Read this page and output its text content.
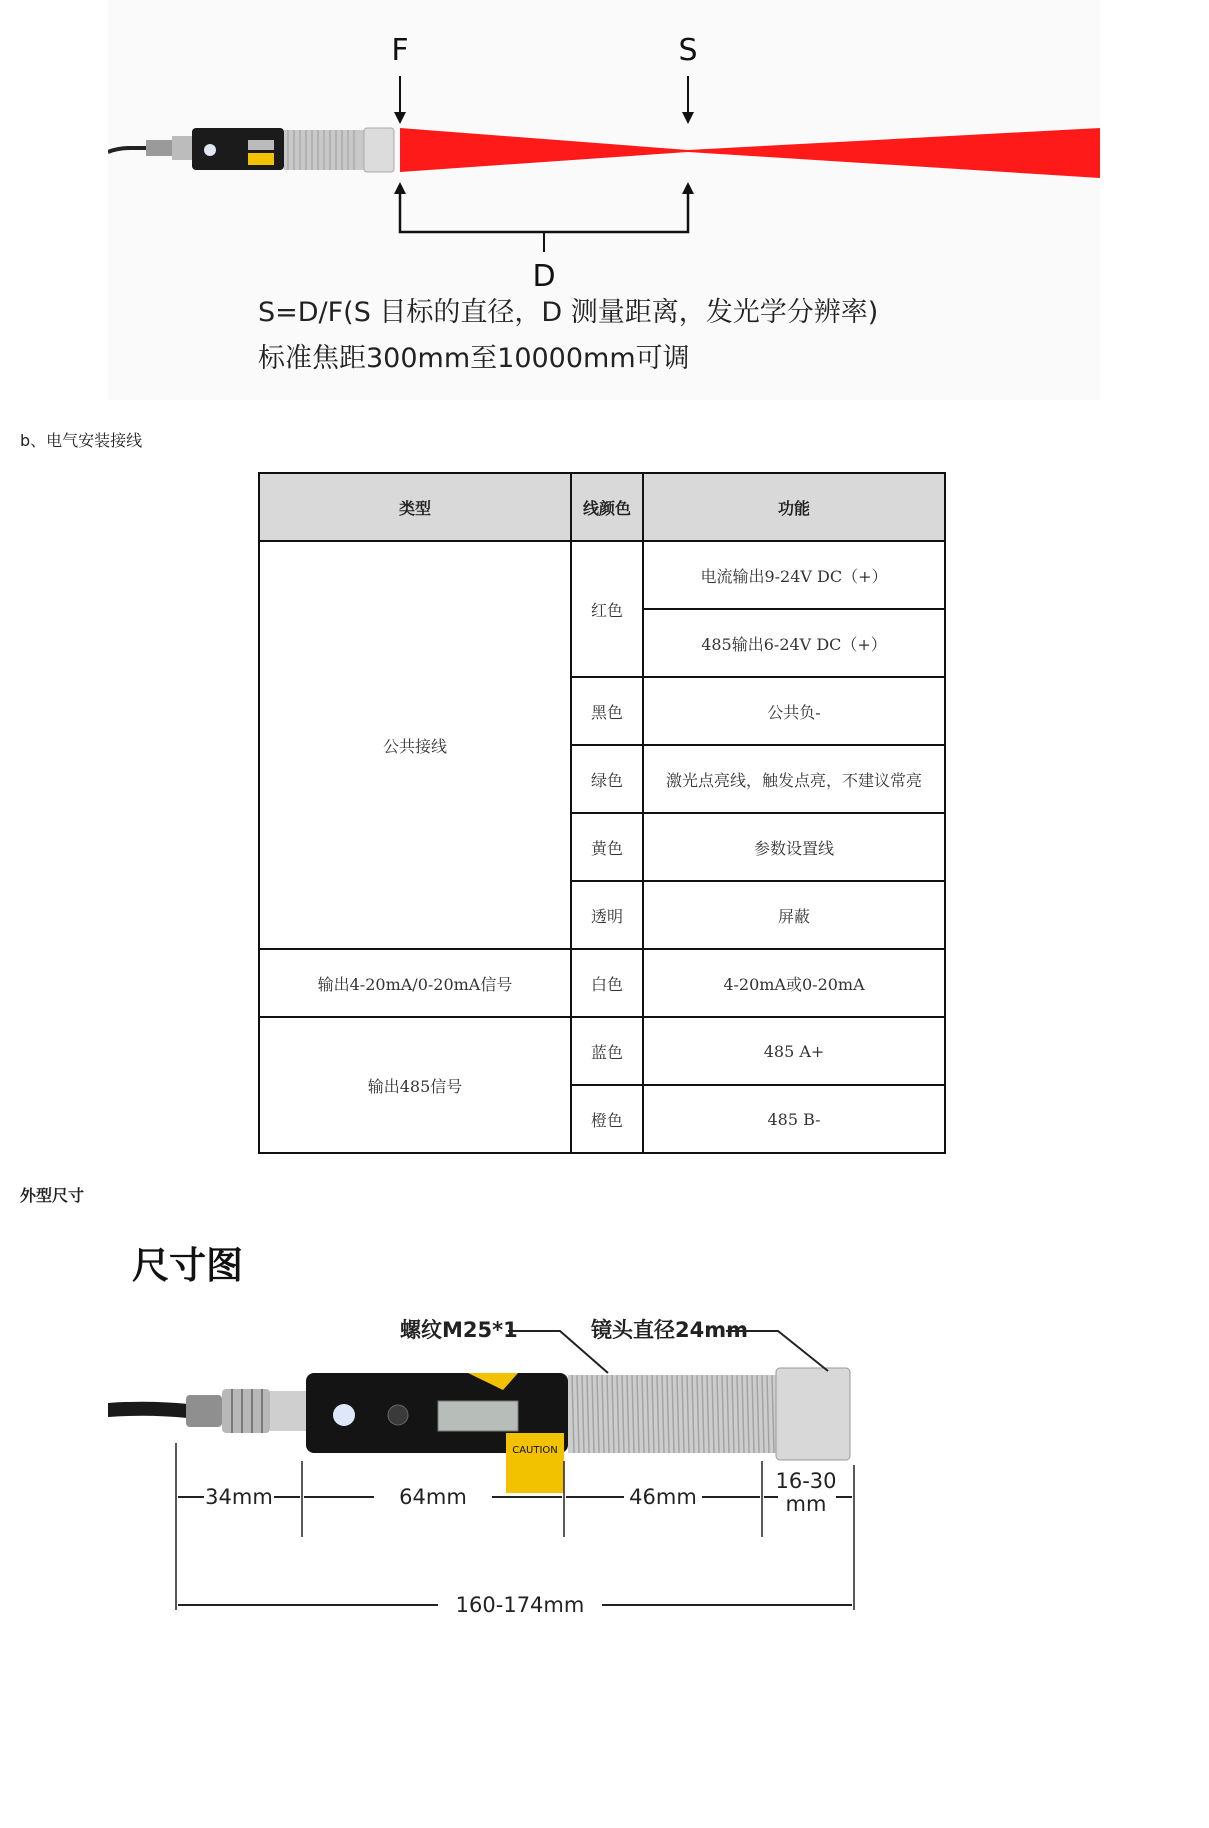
F	S
D
S=D/F(S 目标的直径，D 测量距离，发光学分辨率)
标准焦距300mm至10000mm可调
b、电气安装接线
类型	线颜色	功能
公共接线	红色	电流输出9-24V DC（+）
		485输出6-24V DC（+）
	黑色	公共负-
	绿色	激光点亮线，触发点亮，不建议常亮
	黄色	参数设置线
	透明	屏蔽
输出4-20mA/0-20mA信号	白色	4-20mA或0-20mA
输出485信号	蓝色	485 A+
	橙色	485 B-
外型尺寸
尺寸图
CAUTION
螺纹M25*1	镜头直径24mm
34mm	64mm	46mm
16-30
mm
160-174mm
